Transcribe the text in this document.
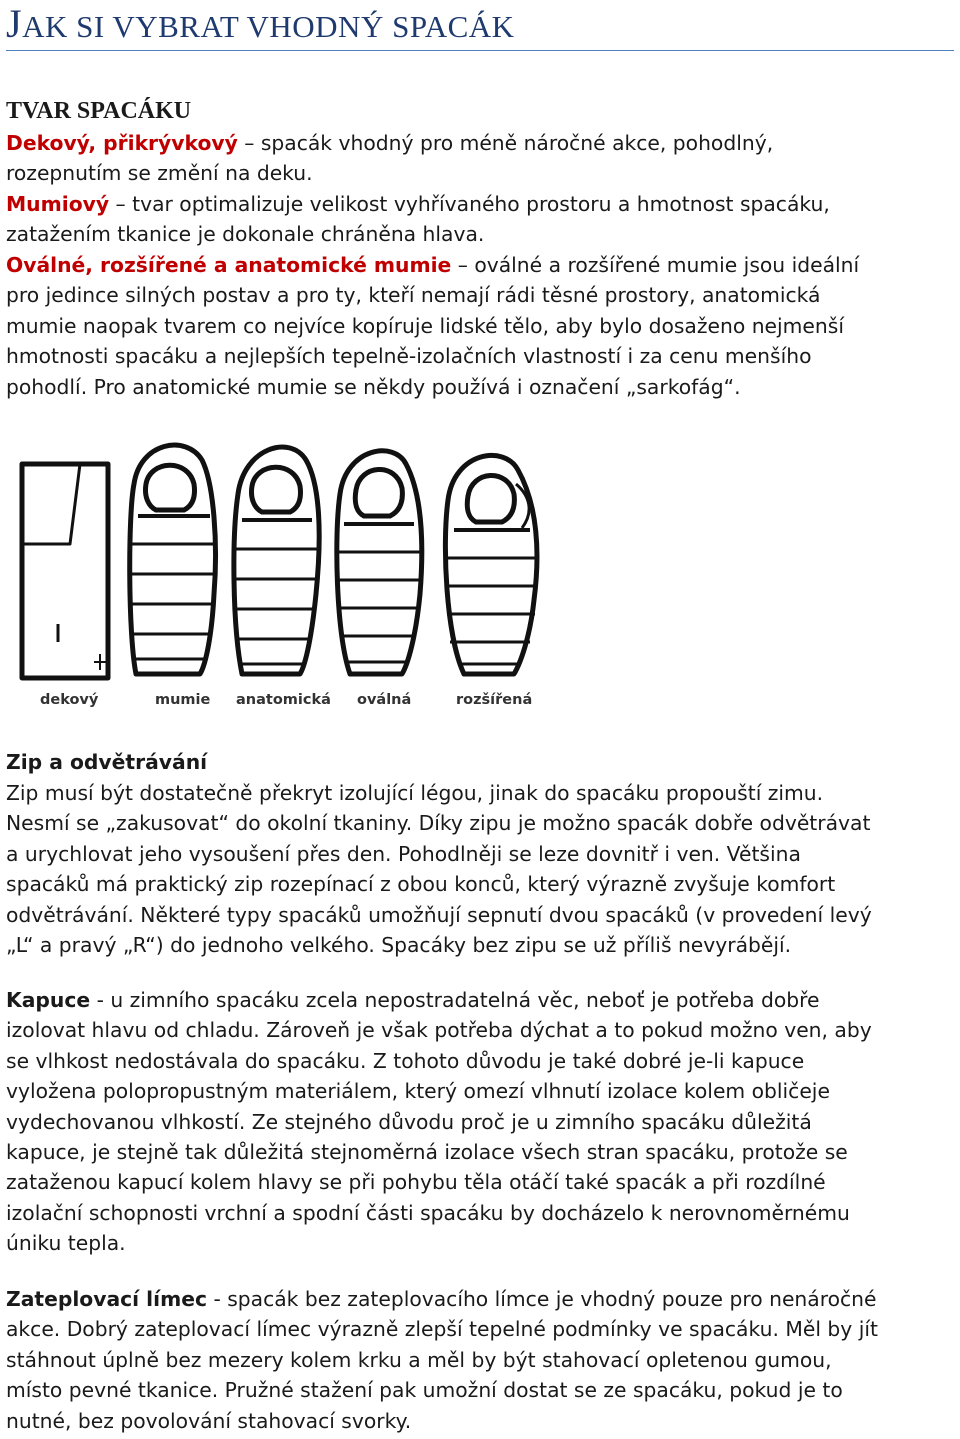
JAK SI VYBRAT VHODNÝ SPACÁK
TVAR SPACÁKU
Dekový, přikrývkový – spacák vhodný pro méně náročné akce, pohodlný,
rozepnutím se změní na deku.
Mumiový – tvar optimalizuje velikost vyhřívaného prostoru a hmotnost spacáku,
zatažením tkanice je dokonale chráněna hlava.
Oválné, rozšířené a anatomické mumie – oválné a rozšířené mumie jsou ideální
pro jedince silných postav a pro ty, kteří nemají rádi těsné prostory, anatomická
mumie naopak tvarem co nejvíce kopíruje lidské tělo, aby bylo dosaženo nejmenší
hmotnosti spacáku a nejlepších tepelně-izolačních vlastností i za cenu menšího
pohodlí. Pro anatomické mumie se někdy používá i označení „sarkofág“.
dekový	mumie anatomická oválná	rozšířená
Zip a odvětrávání
Zip musí být dostatečně překryt izolující légou, jinak do spacáku propouští zimu.
Nesmí se „zakusovat“ do okolní tkaniny. Díky zipu je možno spacák dobře odvětrávat
a urychlovat jeho vysoušení přes den. Pohodlněji se leze dovnitř i ven. Většina
spacáků má praktický zip rozepínací z obou konců, který výrazně zvyšuje komfort
odvětrávání. Některé typy spacáků umožňují sepnutí dvou spacáků (v provedení levý
„L“ a pravý „R“) do jednoho velkého. Spacáky bez zipu se už příliš nevyrábějí.
Kapuce - u zimního spacáku zcela nepostradatelná věc, neboť je potřeba dobře
izolovat hlavu od chladu. Zároveň je však potřeba dýchat a to pokud možno ven, aby
se vlhkost nedostávala do spacáku. Z tohoto důvodu je také dobré je-li kapuce
vyložena polopropustným materiálem, který omezí vlhnutí izolace kolem obličeje
vydechovanou vlhkostí. Ze stejného důvodu proč je u zimního spacáku důležitá
kapuce, je stejně tak důležitá stejnoměrná izolace všech stran spacáku, protože se
zataženou kapucí kolem hlavy se při pohybu těla otáčí také spacák a při rozdílné
izolační schopnosti vrchní a spodní části spacáku by docházelo k nerovnoměrnému
úniku tepla.
Zateplovací límec - spacák bez zateplovacího límce je vhodný pouze pro nenáročné
akce. Dobrý zateplovací límec výrazně zlepší tepelné podmínky ve spacáku. Měl by jít
stáhnout úplně bez mezery kolem krku a měl by být stahovací opletenou gumou,
místo pevné tkanice. Pružné stažení pak umožní dostat se ze spacáku, pokud je to
nutné, bez povolování stahovací svorky.
